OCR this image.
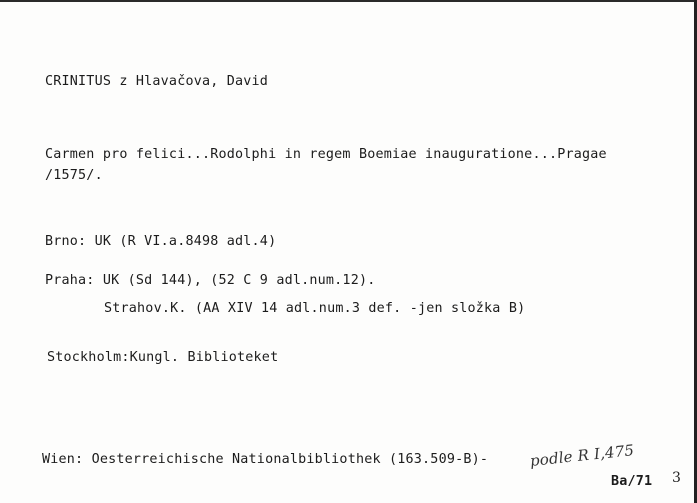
CRINITUS z Hlavačova, David
Carmen pro felici...Rodolphi in regem Boemiae inauguratione...Pragae
/1575/.
Brno: UK (R VI.a.8498 adl.4)
Praha: UK (Sd 144), (52 C 9 adl.num.12).
Strahov.K. (AA XIV 14 adl.num.3 def. -jen složka B)
Stockholm:Kungl. Biblioteket
Wien: Oesterreichische Nationalbibliothek (163.509-B)-	podle R I,475
Ba/71 3
